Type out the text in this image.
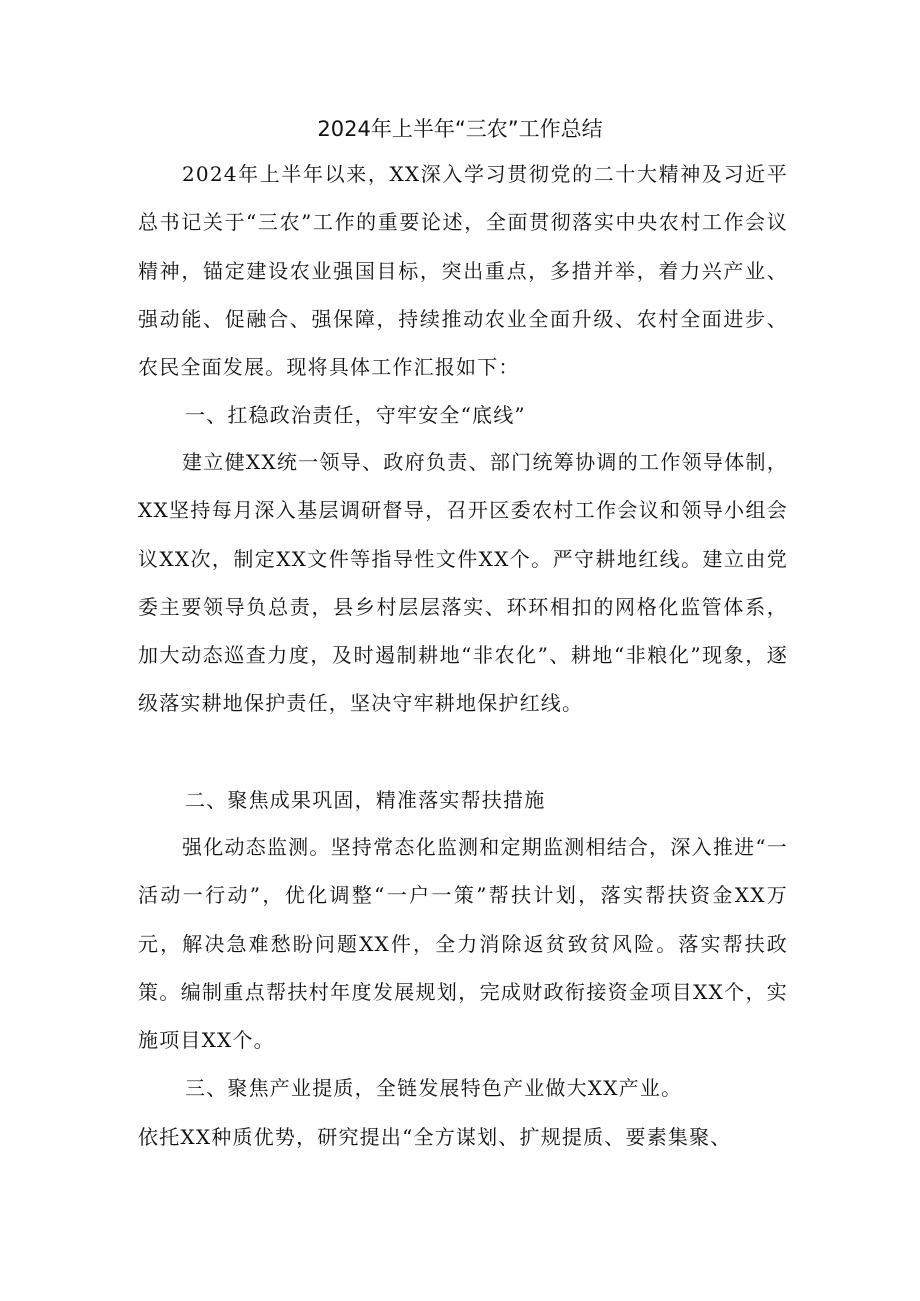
2024年上半年“三农”工作总结
2024年上半年以来，XX深入学习贯彻党的二十大精神及习近平总书记关于“三农”工作的重要论述，全面贯彻落实中央农村工作会议精神，锚定建设农业强国目标，突出重点，多措并举，着力兴产业、强动能、促融合、强保障，持续推动农业全面升级、农村全面进步、农民全面发展。现将具体工作汇报如下：
一、扛稳政治责任，守牢安全“底线”
建立健XX统一领导、政府负责、部门统筹协调的工作领导体制，XX坚持每月深入基层调研督导，召开区委农村工作会议和领导小组会议XX次，制定XX文件等指导性文件XX个。严守耕地红线。建立由党委主要领导负总责，县乡村层层落实、环环相扣的网格化监管体系，加大动态巡查力度，及时遏制耕地“非农化”、耕地“非粮化”现象，逐级落实耕地保护责任，坚决守牢耕地保护红线。
二、聚焦成果巩固，精准落实帮扶措施
强化动态监测。坚持常态化监测和定期监测相结合，深入推进“一活动一行动”，优化调整“一户一策”帮扶计划，落实帮扶资金XX万元，解决急难愁盼问题XX件，全力消除返贫致贫风险。落实帮扶政策。编制重点帮扶村年度发展规划，完成财政衔接资金项目XX个，实施项目XX个。
三、聚焦产业提质，全链发展特色产业做大XX产业。
依托XX种质优势，研究提出“全方谋划、扩规提质、要素集聚、
